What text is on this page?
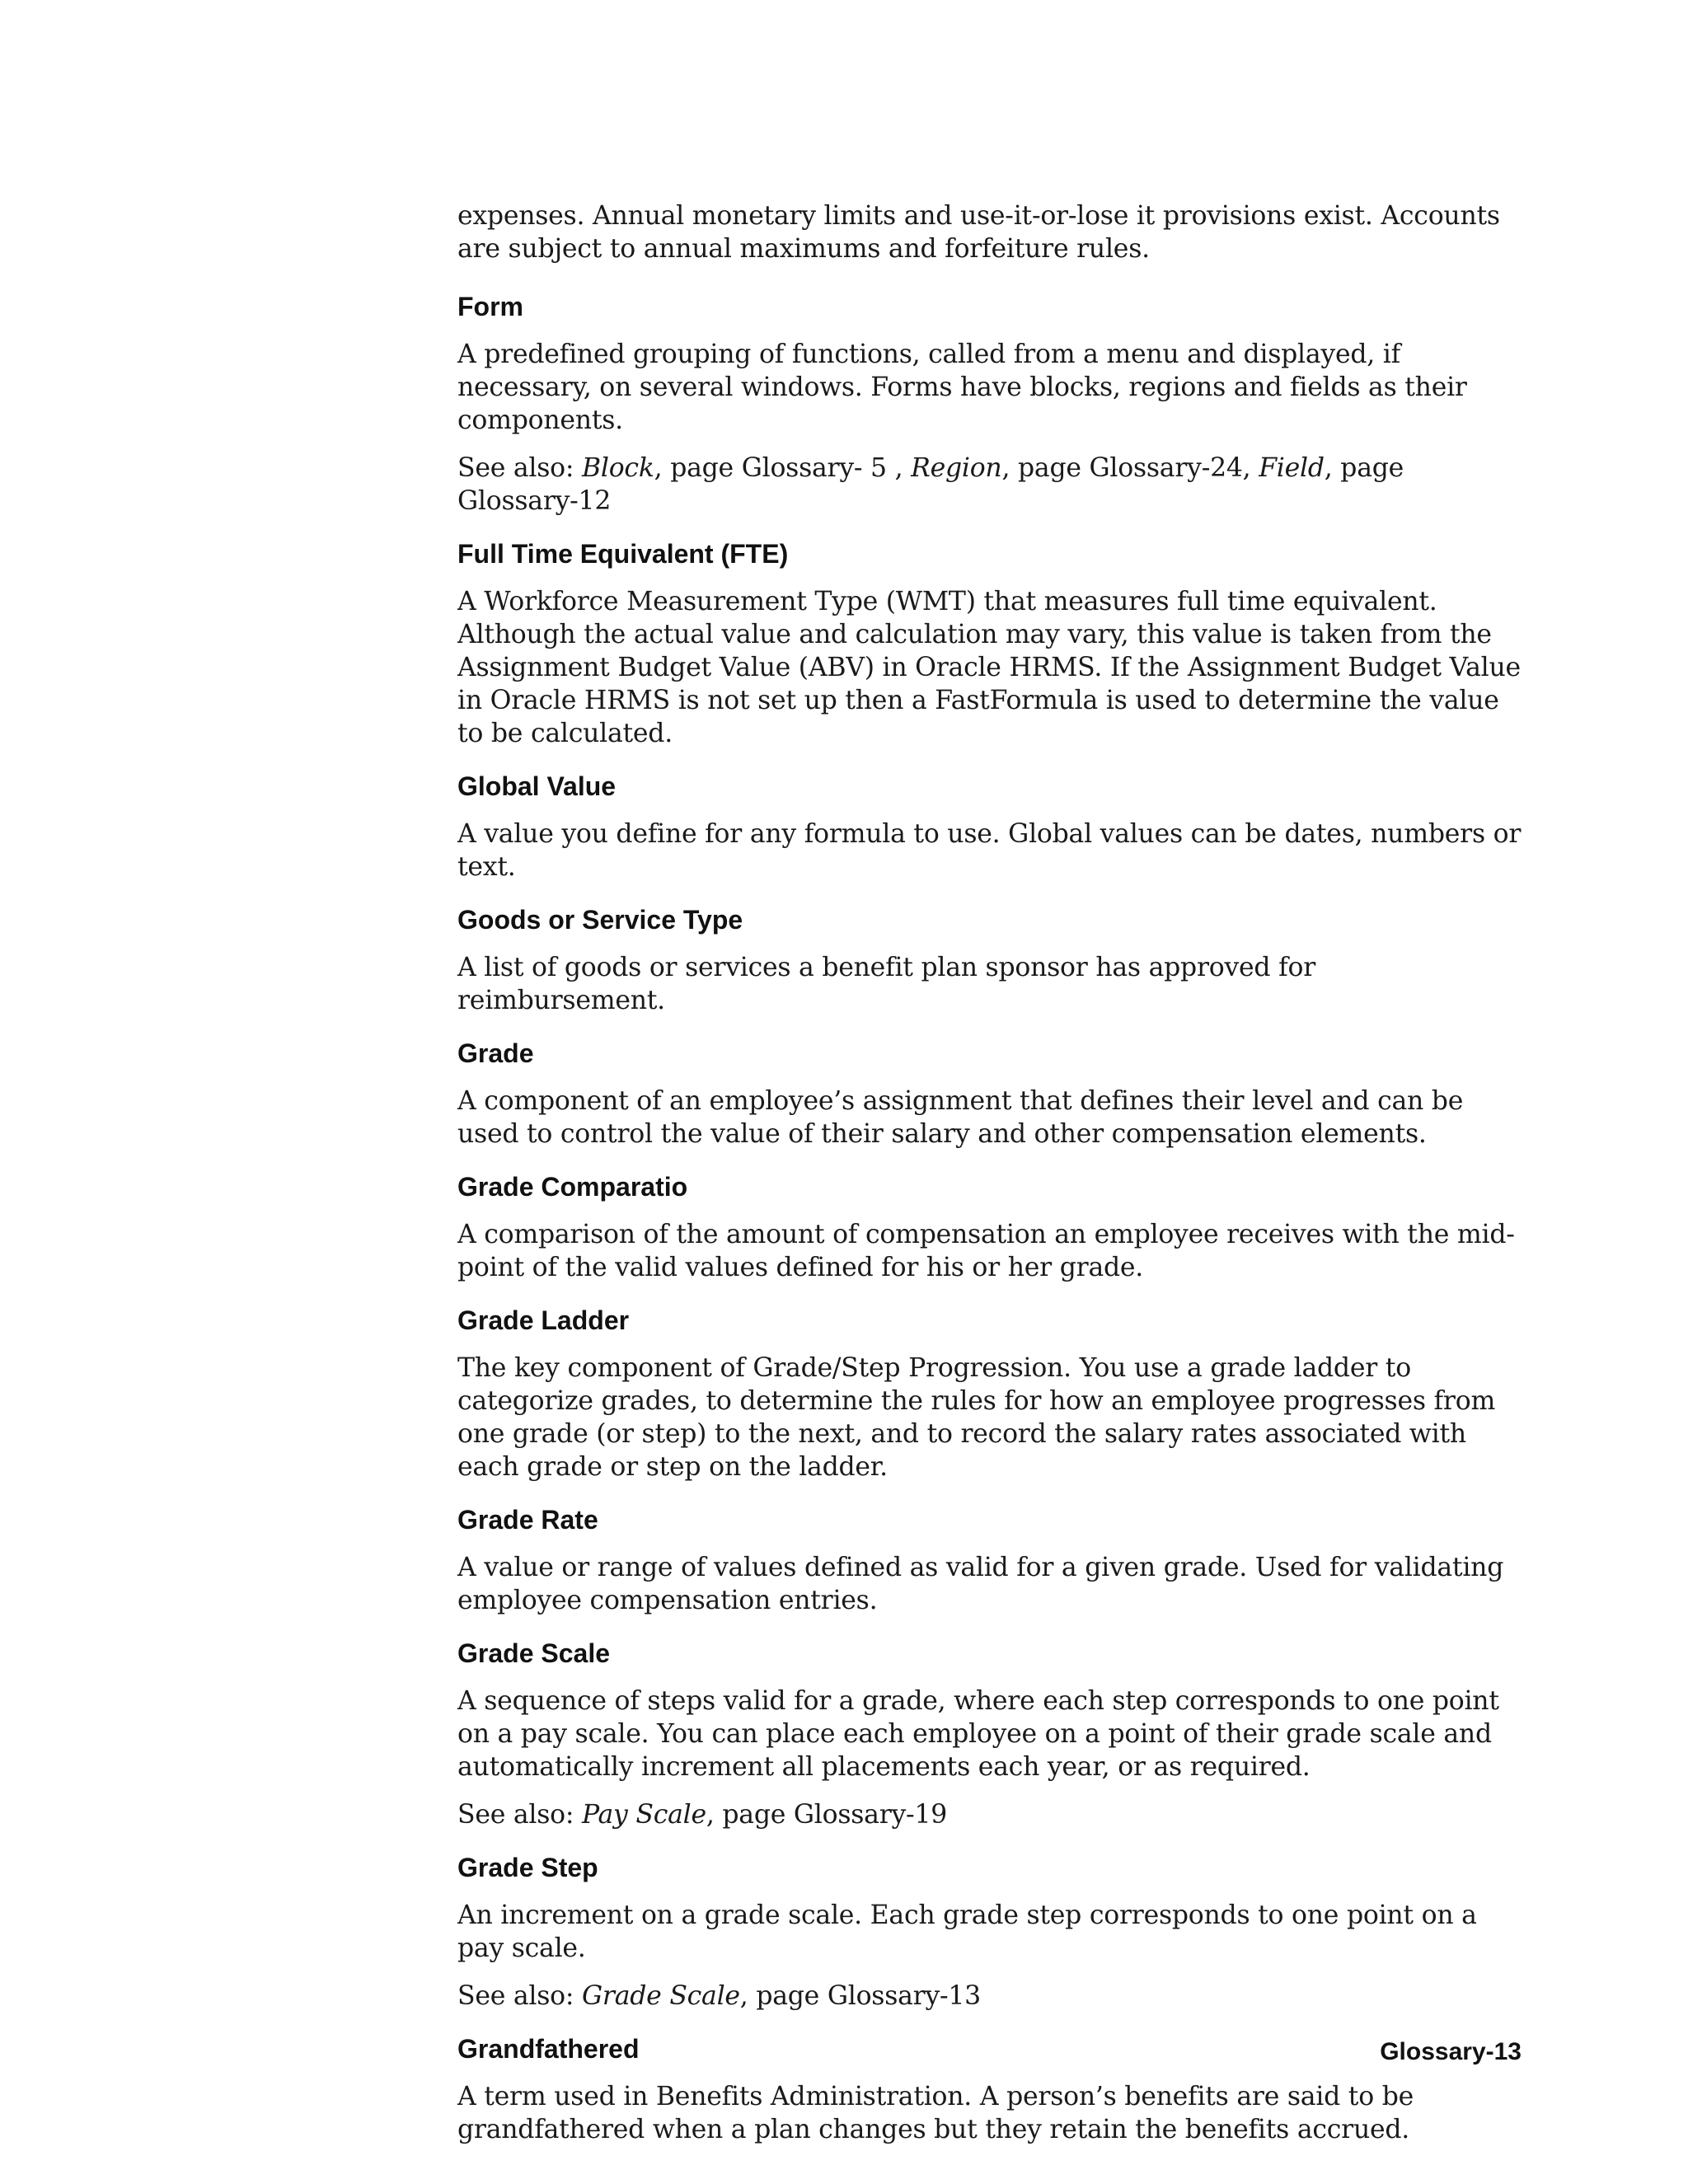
expenses. Annual monetary limits and use-it-or-lose it provisions exist. Accounts are subject to annual maximums and forfeiture rules.

Form

A predefined grouping of functions, called from a menu and displayed, if necessary, on several windows. Forms have blocks, regions and fields as their components.

See also: Block, page Glossary- 5 , Region, page Glossary-24, Field, page Glossary-12

Full Time Equivalent (FTE)

A Workforce Measurement Type (WMT) that measures full time equivalent. Although the actual value and calculation may vary, this value is taken from the Assignment Budget Value (ABV) in Oracle HRMS. If the Assignment Budget Value in Oracle HRMS is not set up then a FastFormula is used to determine the value to be calculated.

Global Value

A value you define for any formula to use. Global values can be dates, numbers or text.

Goods or Service Type

A list of goods or services a benefit plan sponsor has approved for reimbursement.

Grade

A component of an employee’s assignment that defines their level and can be used to control the value of their salary and other compensation elements.

Grade Comparatio

A comparison of the amount of compensation an employee receives with the mid-point of the valid values defined for his or her grade.

Grade Ladder

The key component of Grade/Step Progression. You use a grade ladder to categorize grades, to determine the rules for how an employee progresses from one grade (or step) to the next, and to record the salary rates associated with each grade or step on the ladder.

Grade Rate

A value or range of values defined as valid for a given grade. Used for validating employee compensation entries.

Grade Scale

A sequence of steps valid for a grade, where each step corresponds to one point on a pay scale. You can place each employee on a point of their grade scale and automatically increment all placements each year, or as required.

See also: Pay Scale, page Glossary-19

Grade Step

An increment on a grade scale. Each grade step corresponds to one point on a pay scale.

See also: Grade Scale, page Glossary-13

Grandfathered

A term used in Benefits Administration. A person’s benefits are said to be grandfathered when a plan changes but they retain the benefits accrued.

Glossary-13
